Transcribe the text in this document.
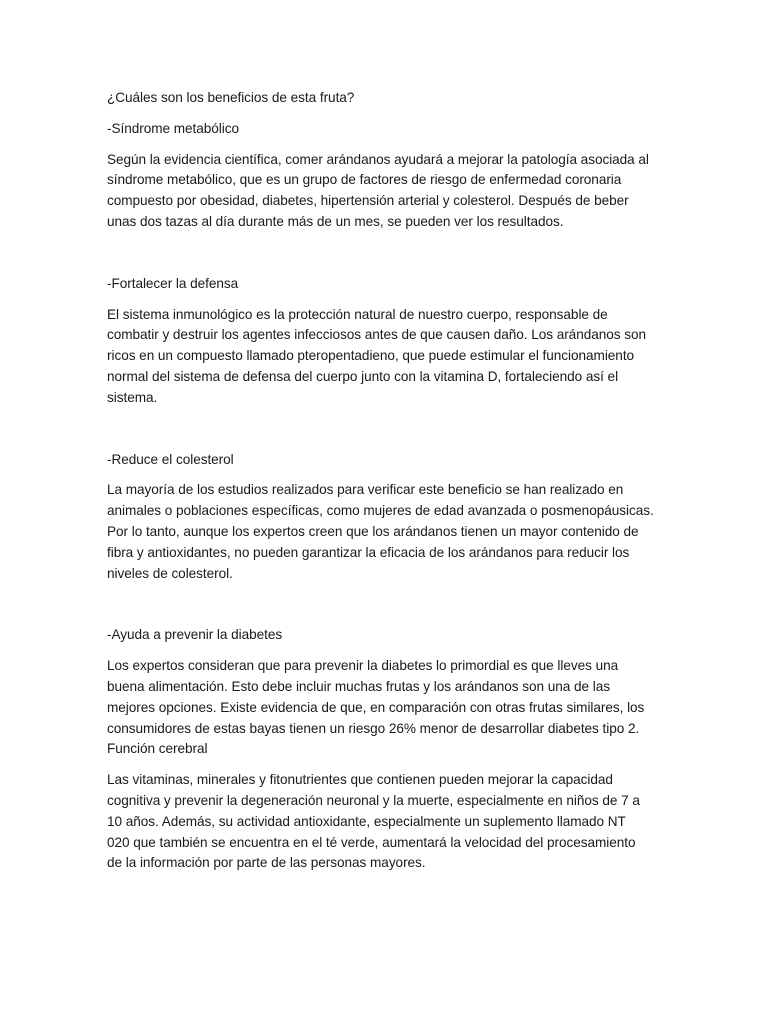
¿Cuáles son los beneficios de esta fruta?

-Síndrome metabólico

Según la evidencia científica, comer arándanos ayudará a mejorar la patología asociada al
síndrome metabólico, que es un grupo de factores de riesgo de enfermedad coronaria
compuesto por obesidad, diabetes, hipertensión arterial y colesterol. Después de beber
unas dos tazas al día durante más de un mes, se pueden ver los resultados.

-Fortalecer la defensa

El sistema inmunológico es la protección natural de nuestro cuerpo, responsable de
combatir y destruir los agentes infecciosos antes de que causen daño. Los arándanos son
ricos en un compuesto llamado pteropentadieno, que puede estimular el funcionamiento
normal del sistema de defensa del cuerpo junto con la vitamina D, fortaleciendo así el
sistema.

-Reduce el colesterol

La mayoría de los estudios realizados para verificar este beneficio se han realizado en
animales o poblaciones específicas, como mujeres de edad avanzada o posmenopáusicas.
Por lo tanto, aunque los expertos creen que los arándanos tienen un mayor contenido de
fibra y antioxidantes, no pueden garantizar la eficacia de los arándanos para reducir los
niveles de colesterol.

-Ayuda a prevenir la diabetes

Los expertos consideran que para prevenir la diabetes lo primordial es que lleves una
buena alimentación. Esto debe incluir muchas frutas y los arándanos son una de las
mejores opciones. Existe evidencia de que, en comparación con otras frutas similares, los
consumidores de estas bayas tienen un riesgo 26% menor de desarrollar diabetes tipo 2.
Función cerebral
Las vitaminas, minerales y fitonutrientes que contienen pueden mejorar la capacidad
cognitiva y prevenir la degeneración neuronal y la muerte, especialmente en niños de 7 a
10 años. Además, su actividad antioxidante, especialmente un suplemento llamado NT
020 que también se encuentra en el té verde, aumentará la velocidad del procesamiento
de la información por parte de las personas mayores.
